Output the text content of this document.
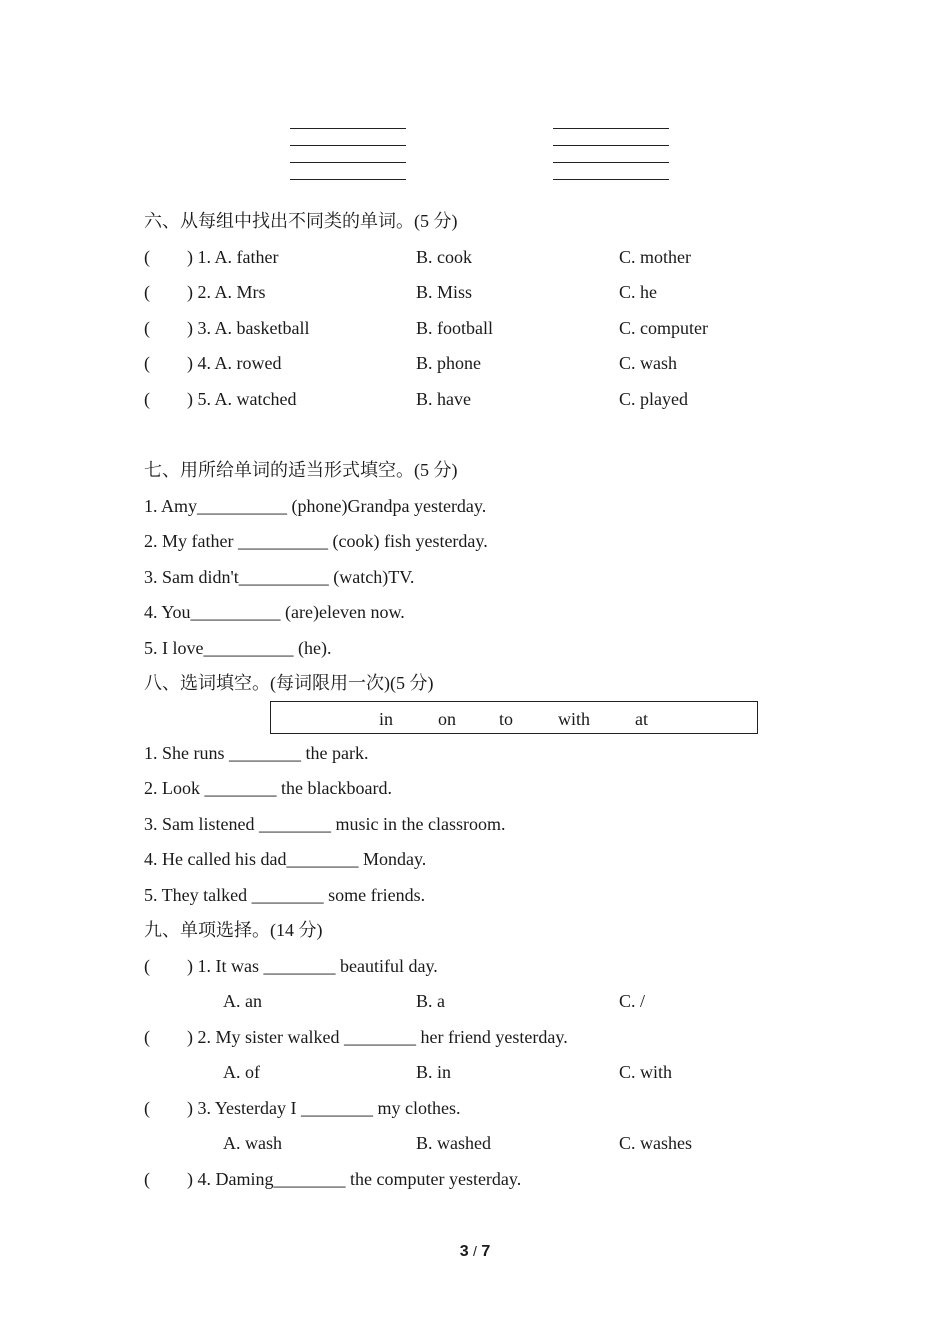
六、从每组中找出不同类的单词。(5 分)
( ) 1. A. father	B. cook	C. mother
( ) 2. A. Mrs	B. Miss	C. he
( ) 3. A. basketball	B. football	C. computer
( ) 4. A. rowed	B. phone	C. wash
( ) 5. A. watched	B. have	C. played
七、用所给单词的适当形式填空。(5 分)
1. Amy__________ (phone)Grandpa yesterday.
2. My father __________ (cook) fish yesterday.
3. Sam didn't__________ (watch)TV.
4. You__________ (are)eleven now.
5. I love__________ (he).
八、选词填空。(每词限用一次)(5 分)
in on to with at
1. She runs ________ the park.
2. Look ________ the blackboard.
3. Sam listened ________ music in the classroom.
4. He called his dad________ Monday.
5. They talked ________ some friends.
九、单项选择。(14 分)
( ) 1. It was ________ beautiful day.
A. an	B. a	C. /
( ) 2. My sister walked ________ her friend yesterday.
A. of	B. in	C. with
( ) 3. Yesterday I ________ my clothes.
A. wash	B. washed	C. washes
( ) 4. Daming________ the computer yesterday.
3 / 7
